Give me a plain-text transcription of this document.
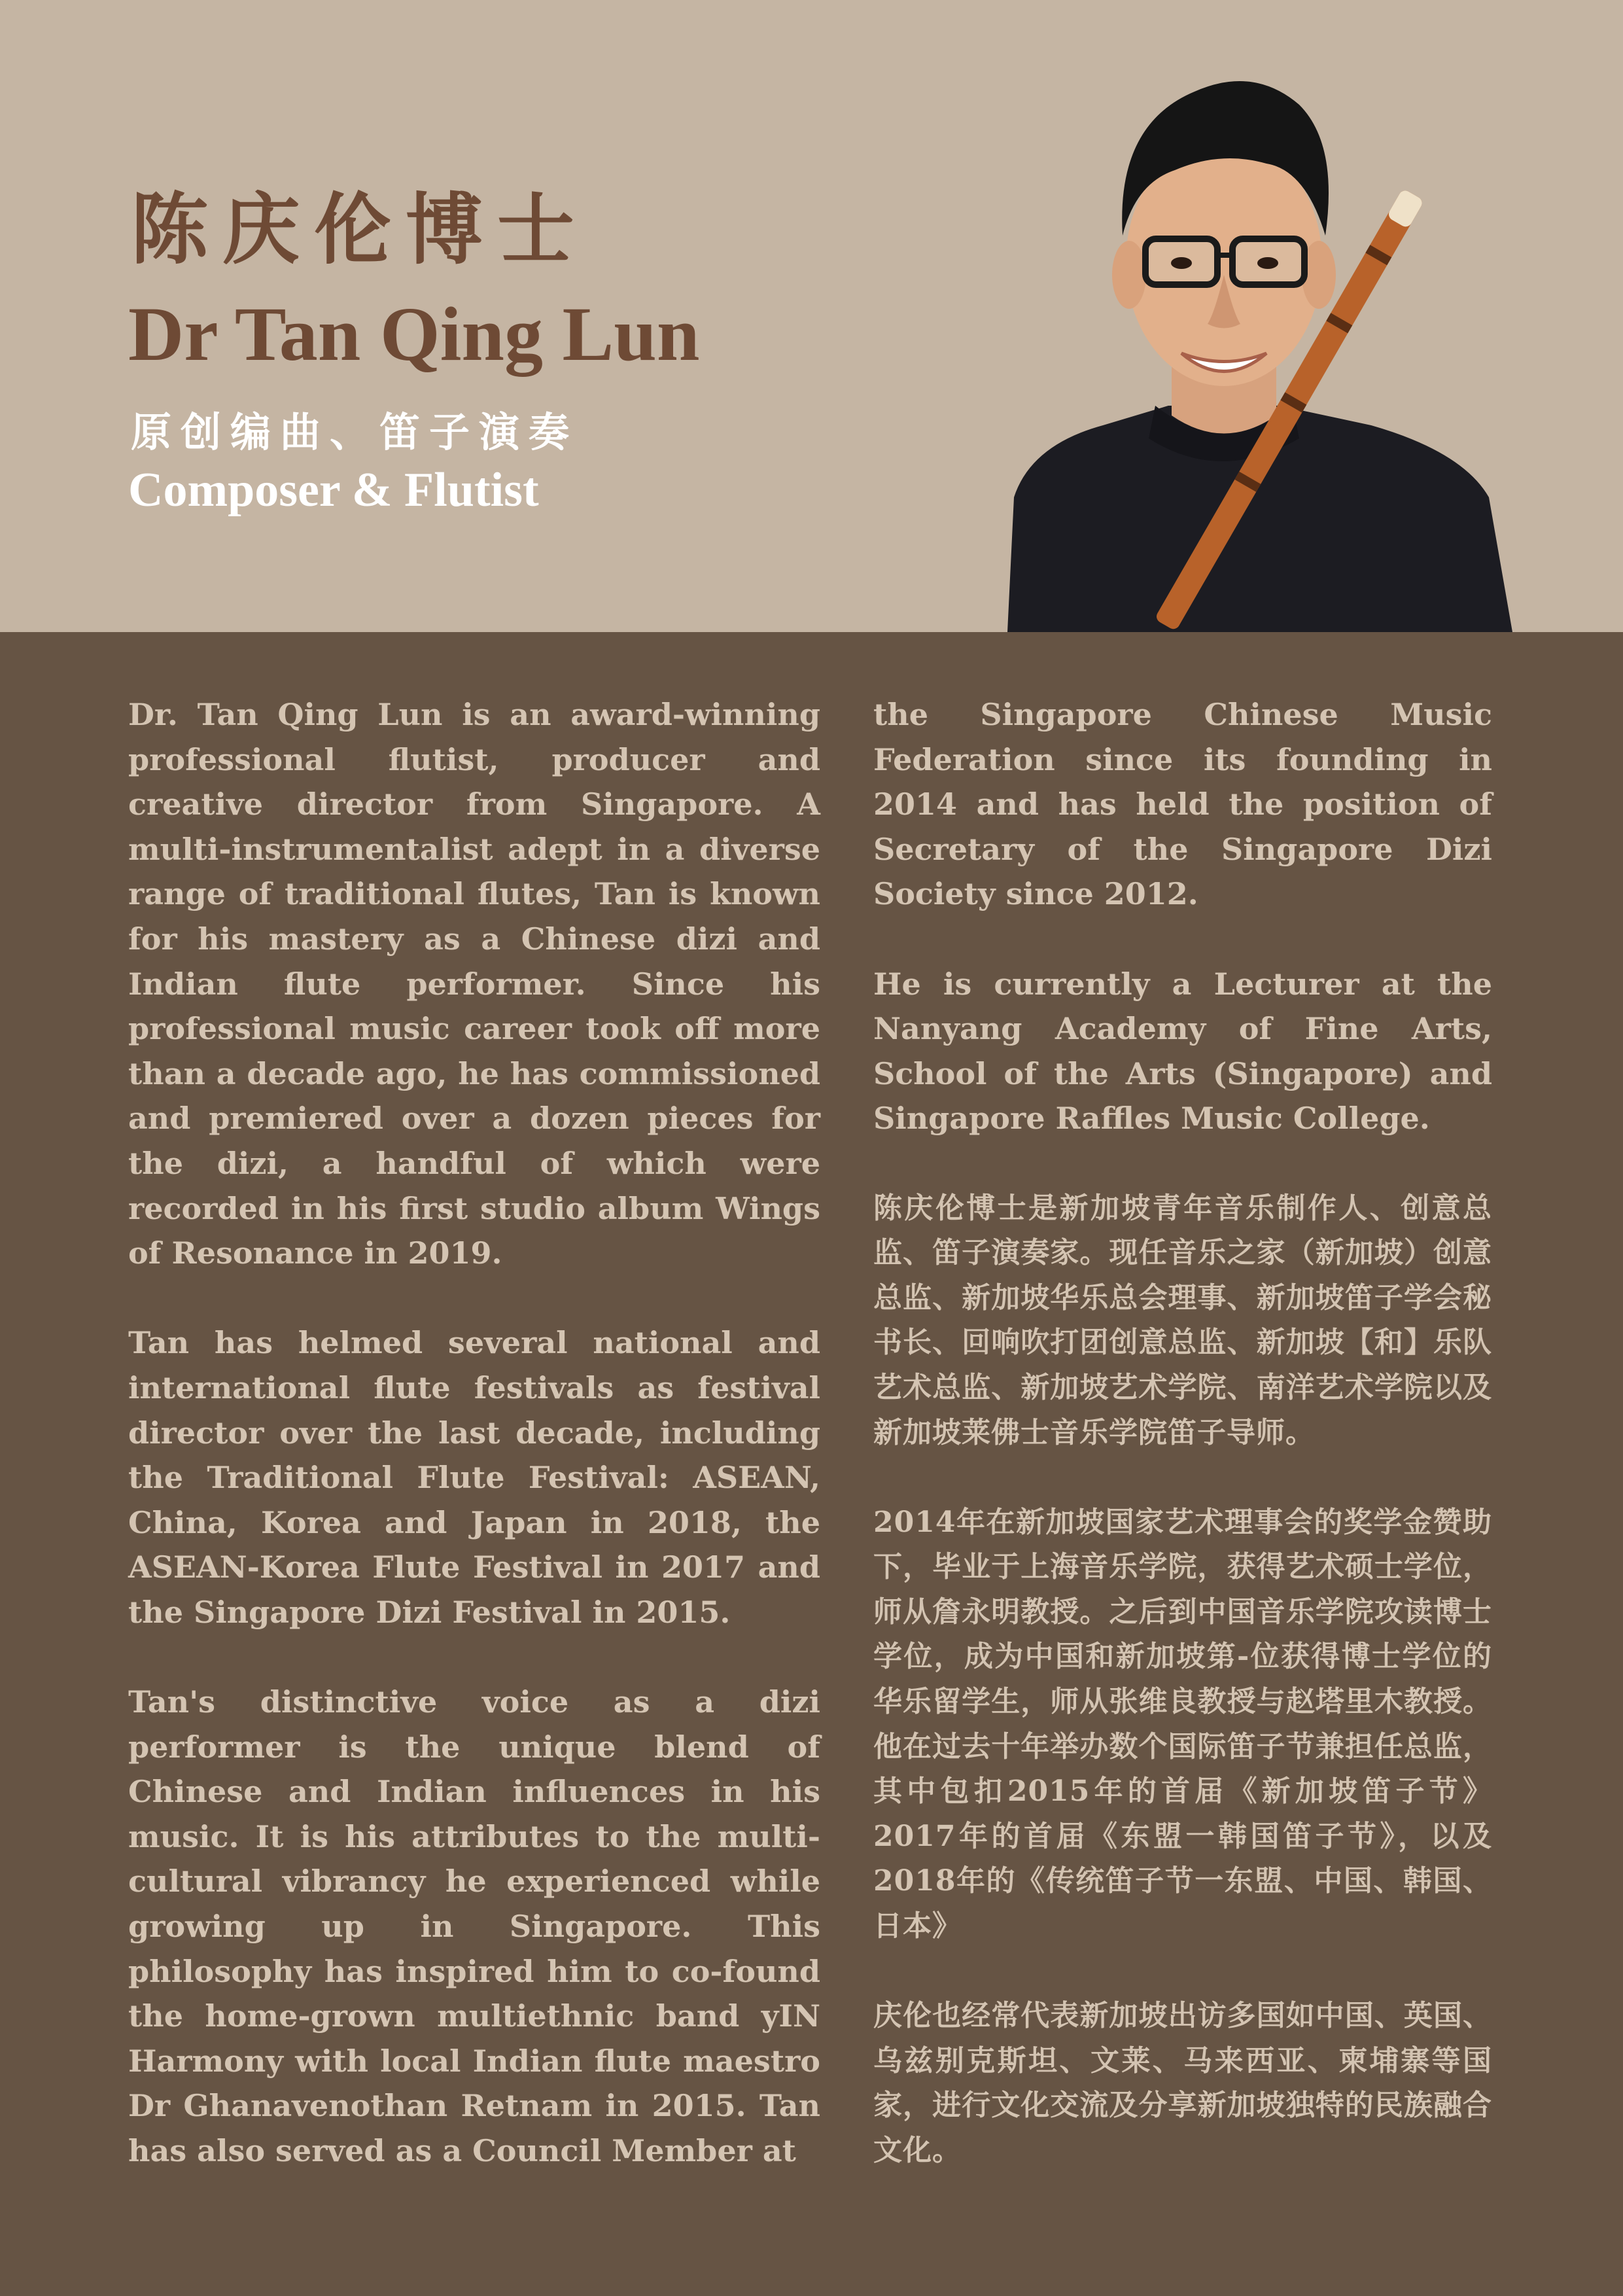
陈庆伦博士
Dr Tan Qing Lun
原创编曲、笛子演奏
Composer & Flutist

Dr. Tan Qing Lun is an award-winning professional flutist, producer and creative director from Singapore. A multi-instrumentalist adept in a diverse range of traditional flutes, Tan is known for his mastery as a Chinese dizi and Indian flute performer. Since his professional music career took off more than a decade ago, he has commissioned and premiered over a dozen pieces for the dizi, a handful of which were recorded in his first studio album Wings of Resonance in 2019.

Tan has helmed several national and international flute festivals as festival director over the last decade, including the Traditional Flute Festival: ASEAN, China, Korea and Japan in 2018, the ASEAN-Korea Flute Festival in 2017 and the Singapore Dizi Festival in 2015.

Tan's distinctive voice as a dizi performer is the unique blend of Chinese and Indian influences in his music. It is his attributes to the multi-cultural vibrancy he experienced while growing up in Singapore. This philosophy has inspired him to co-found the home-grown multiethnic band yIN Harmony with local Indian flute maestro Dr Ghanavenothan Retnam in 2015. Tan has also served as a Council Member at

the Singapore Chinese Music Federation since its founding in 2014 and has held the position of Secretary of the Singapore Dizi Society since 2012.

He is currently a Lecturer at the Nanyang Academy of Fine Arts, School of the Arts (Singapore) and Singapore Raffles Music College.

陈庆伦博士是新加坡青年音乐制作人、创意总监、笛子演奏家。现任音乐之家（新加坡）创意总监、新加坡华乐总会理事、新加坡笛子学会秘书长、回响吹打团创意总监、新加坡【和】乐队艺术总监、新加坡艺术学院、南洋艺术学院以及新加坡莱佛士音乐学院笛子导师。

2014年在新加坡国家艺术理事会的奖学金赞助下，毕业于上海音乐学院，获得艺术硕士学位，师从詹永明教授。之后到中国音乐学院攻读博士学位，成为中国和新加坡第-位获得博士学位的华乐留学生，师从张维良教授与赵塔里木教授。他在过去十年举办数个国际笛子节兼担任总监，其中包扣2015年的首届《新加坡笛子节》2017年的首届《东盟一韩国笛子节》，以及2018年的《传统笛子节一东盟、中国、韩国、日本》

庆伦也经常代表新加坡出访多国如中国、英国、乌兹别克斯坦、文莱、马来西亚、柬埔寨等国家，进行文化交流及分享新加坡独特的民族融合文化。
